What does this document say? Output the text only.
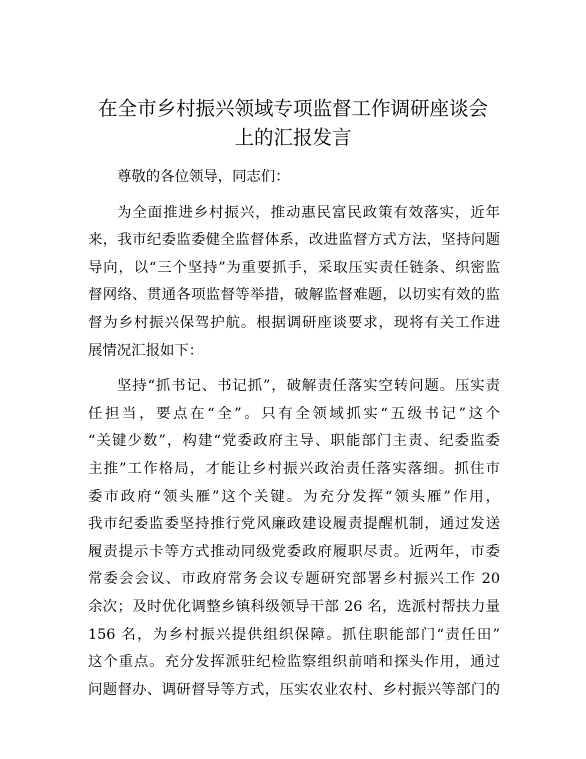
在全市乡村振兴领域专项监督工作调研座谈会
上的汇报发言

尊敬的各位领导，同志们：

为全面推进乡村振兴，推动惠民富民政策有效落实，近年
来，我市纪委监委健全监督体系，改进监督方式方法，坚持问题
导向，以“三个坚持”为重要抓手，采取压实责任链条、织密监
督网络、贯通各项监督等举措，破解监督难题，以切实有效的监
督为乡村振兴保驾护航。根据调研座谈要求，现将有关工作进
展情况汇报如下：

坚持“抓书记、书记抓”，破解责任落实空转问题。压实责
任担当，要点在“全”。只有全领域抓实“五级书记”这个
“关键少数”，构建“党委政府主导、职能部门主责、纪委监委
主推”工作格局，才能让乡村振兴政治责任落实落细。抓住市
委市政府“领头雁”这个关键。为充分发挥“领头雁”作用，
我市纪委监委坚持推行党风廉政建设履责提醒机制，通过发送
履责提示卡等方式推动同级党委政府履职尽责。近两年，市委
常委会会议、市政府常务会议专题研究部署乡村振兴工作 20
余次；及时优化调整乡镇科级领导干部 26 名，选派村帮扶力量
156 名，为乡村振兴提供组织保障。抓住职能部门“责任田”
这个重点。充分发挥派驻纪检监察组织前哨和探头作用，通过
问题督办、调研督导等方式，压实农业农村、乡村振兴等部门的
